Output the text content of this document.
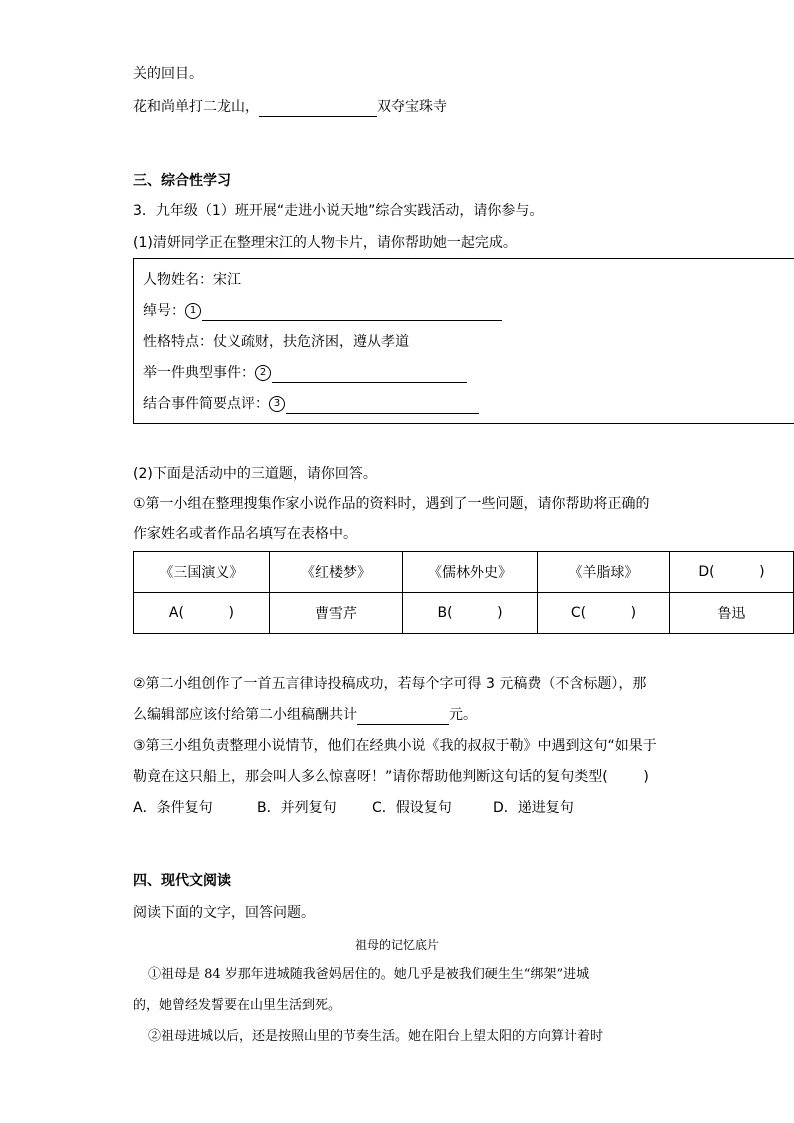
关的回目。
花和尚单打二龙山，	双夺宝珠寺
三、综合性学习
3．九年级（1）班开展“走进小说天地”综合实践活动，请你参与。
(1)清妍同学正在整理宋江的人物卡片，请你帮助她一起完成。
人物姓名：宋江
绰号： 1
性格特点：仗义疏财，扶危济困，遵从孝道
举一件典型事件： 2
结合事件简要点评： 3
(2)下面是活动中的三道题，请你回答。
①第一小组在整理搜集作家小说作品的资料时，遇到了一些问题，请你帮助将正确的
作家姓名或者作品名填写在表格中。
《三国演义》	《红楼梦》	《儒林外史》	《羊脂球》	D(          )
A(          )	曹雪芹	B(          )	C(          )	鲁迅
②第二小组创作了一首五言律诗投稿成功，若每个字可得 3 元稿费（不含标题），那
么编辑部应该付给第二小组稿酬共计	元。
③第三小组负责整理小说情节，他们在经典小说《我的叔叔于勒》中遇到这句“如果于
勒竟在这只船上，那会叫人多么惊喜呀！”请你帮助他判断这句话的复句类型(        )
A．条件复句	B．并列复句	C．假设复句	D．递进复句
四、现代文阅读
阅读下面的文字，回答问题。
祖母的记忆底片
①祖母是 84 岁那年进城随我爸妈居住的。她几乎是被我们硬生生“绑架”进城
的，她曾经发誓要在山里生活到死。
②祖母进城以后，还是按照山里的节奏生活。她在阳台上望太阳的方向算计着时
